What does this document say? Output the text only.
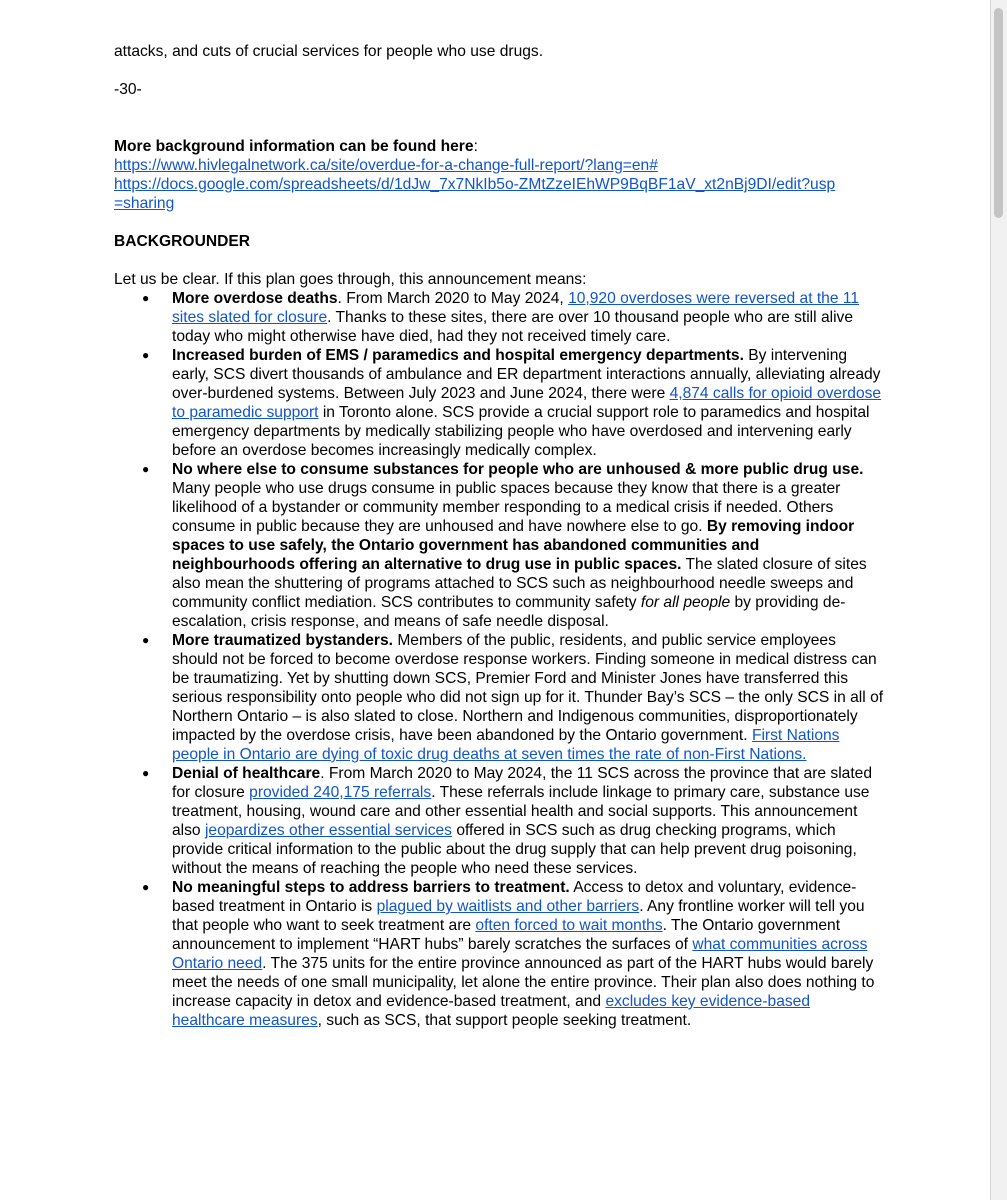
attacks, and cuts of crucial services for people who use drugs.

-30-

More background information can be found here:

https://www.hivlegalnetwork.ca/site/overdue-for-a-change-full-report/?lang=en#
https://docs.google.com/spreadsheets/d/1dJw_7x7NkIb5o-ZMtZzeIEhWP9BqBF1aV_xt2nBj9DI/edit?usp
=sharing

BACKGROUNDER

Let us be clear. If this plan goes through, this announcement means:

● More overdose deaths. From March 2020 to May 2024, 10,920 overdoses were reversed at the 11 sites slated for closure. Thanks to these sites, there are over 10 thousand people who are still alive today who might otherwise have died, had they not received timely care.
● Increased burden of EMS / paramedics and hospital emergency departments. By intervening early, SCS divert thousands of ambulance and ER department interactions annually, alleviating already over-burdened systems. Between July 2023 and June 2024, there were 4,874 calls for opioid overdose to paramedic support in Toronto alone. SCS provide a crucial support role to paramedics and hospital emergency departments by medically stabilizing people who have overdosed and intervening early before an overdose becomes increasingly medically complex.
● No where else to consume substances for people who are unhoused & more public drug use. Many people who use drugs consume in public spaces because they know that there is a greater likelihood of a bystander or community member responding to a medical crisis if needed. Others consume in public because they are unhoused and have nowhere else to go. By removing indoor spaces to use safely, the Ontario government has abandoned communities and neighbourhoods offering an alternative to drug use in public spaces. The slated closure of sites also mean the shuttering of programs attached to SCS such as neighbourhood needle sweeps and community conflict mediation. SCS contributes to community safety for all people by providing de-escalation, crisis response, and means of safe needle disposal.
● More traumatized bystanders. Members of the public, residents, and public service employees should not be forced to become overdose response workers. Finding someone in medical distress can be traumatizing. Yet by shutting down SCS, Premier Ford and Minister Jones have transferred this serious responsibility onto people who did not sign up for it. Thunder Bay’s SCS – the only SCS in all of Northern Ontario – is also slated to close. Northern and Indigenous communities, disproportionately impacted by the overdose crisis, have been abandoned by the Ontario government. First Nations people in Ontario are dying of toxic drug deaths at seven times the rate of non-First Nations.
● Denial of healthcare. From March 2020 to May 2024, the 11 SCS across the province that are slated for closure provided 240,175 referrals. These referrals include linkage to primary care, substance use treatment, housing, wound care and other essential health and social supports. This announcement also jeopardizes other essential services offered in SCS such as drug checking programs, which provide critical information to the public about the drug supply that can help prevent drug poisoning, without the means of reaching the people who need these services.
● No meaningful steps to address barriers to treatment. Access to detox and voluntary, evidence-based treatment in Ontario is plagued by waitlists and other barriers. Any frontline worker will tell you that people who want to seek treatment are often forced to wait months. The Ontario government announcement to implement “HART hubs” barely scratches the surfaces of what communities across Ontario need. The 375 units for the entire province announced as part of the HART hubs would barely meet the needs of one small municipality, let alone the entire province. Their plan also does nothing to increase capacity in detox and evidence-based treatment, and excludes key evidence-based healthcare measures, such as SCS, that support people seeking treatment.
